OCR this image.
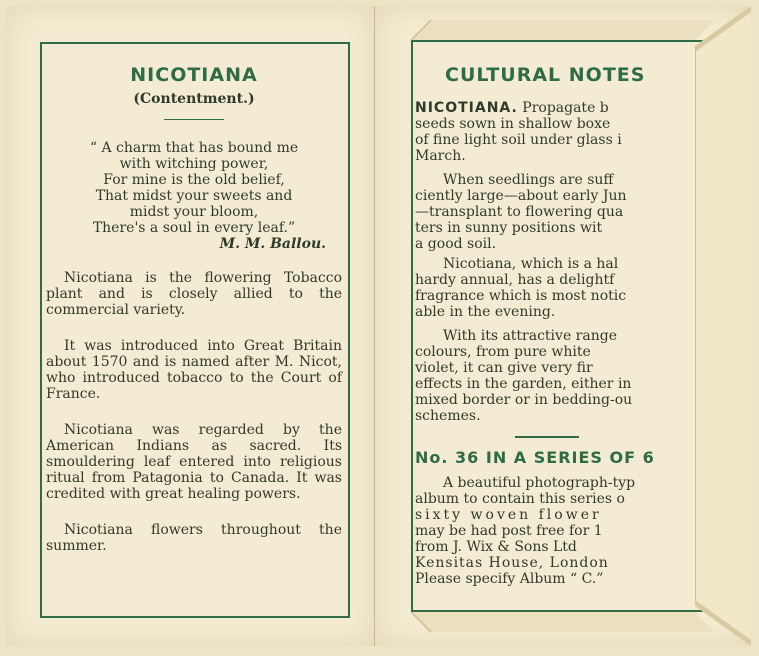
NICOTIANA
(Contentment.)
“ A charm that has bound me
with witching power,
For mine is the old belief,
That midst your sweets and
midst your bloom,
There's a soul in every leaf.”
M. M. Ballou.

Nicotiana is the flowering Tobacco plant and is closely allied to the commercial variety.

It was introduced into Great Britain about 1570 and is named after M. Nicot, who introduced tobacco to the Court of France.

Nicotiana was regarded by the American Indians as sacred. Its smouldering leaf entered into religious ritual from Patagonia to Canada. It was credited with great healing powers.

Nicotiana flowers throughout the summer.

CULTURAL NOTES
NICOTIANA. Propagate b
seeds sown in shallow boxe
of fine light soil under glass i
March.
When seedlings are suff
ciently large—about early Jun
—transplant to flowering qua
ters in sunny positions wit
a good soil.
Nicotiana, which is a hal
hardy annual, has a delightf
fragrance which is most notic
able in the evening.
With its attractive range
colours, from pure white
violet, it can give very fir
effects in the garden, either in
mixed border or in bedding-ou
schemes.
No. 36 IN A SERIES OF 6
A beautiful photograph-typ
album to contain this series o
sixty woven flower
may be had post free for 1
from J. Wix & Sons Ltd
Kensitas House, London
Please specify Album “ C.”
